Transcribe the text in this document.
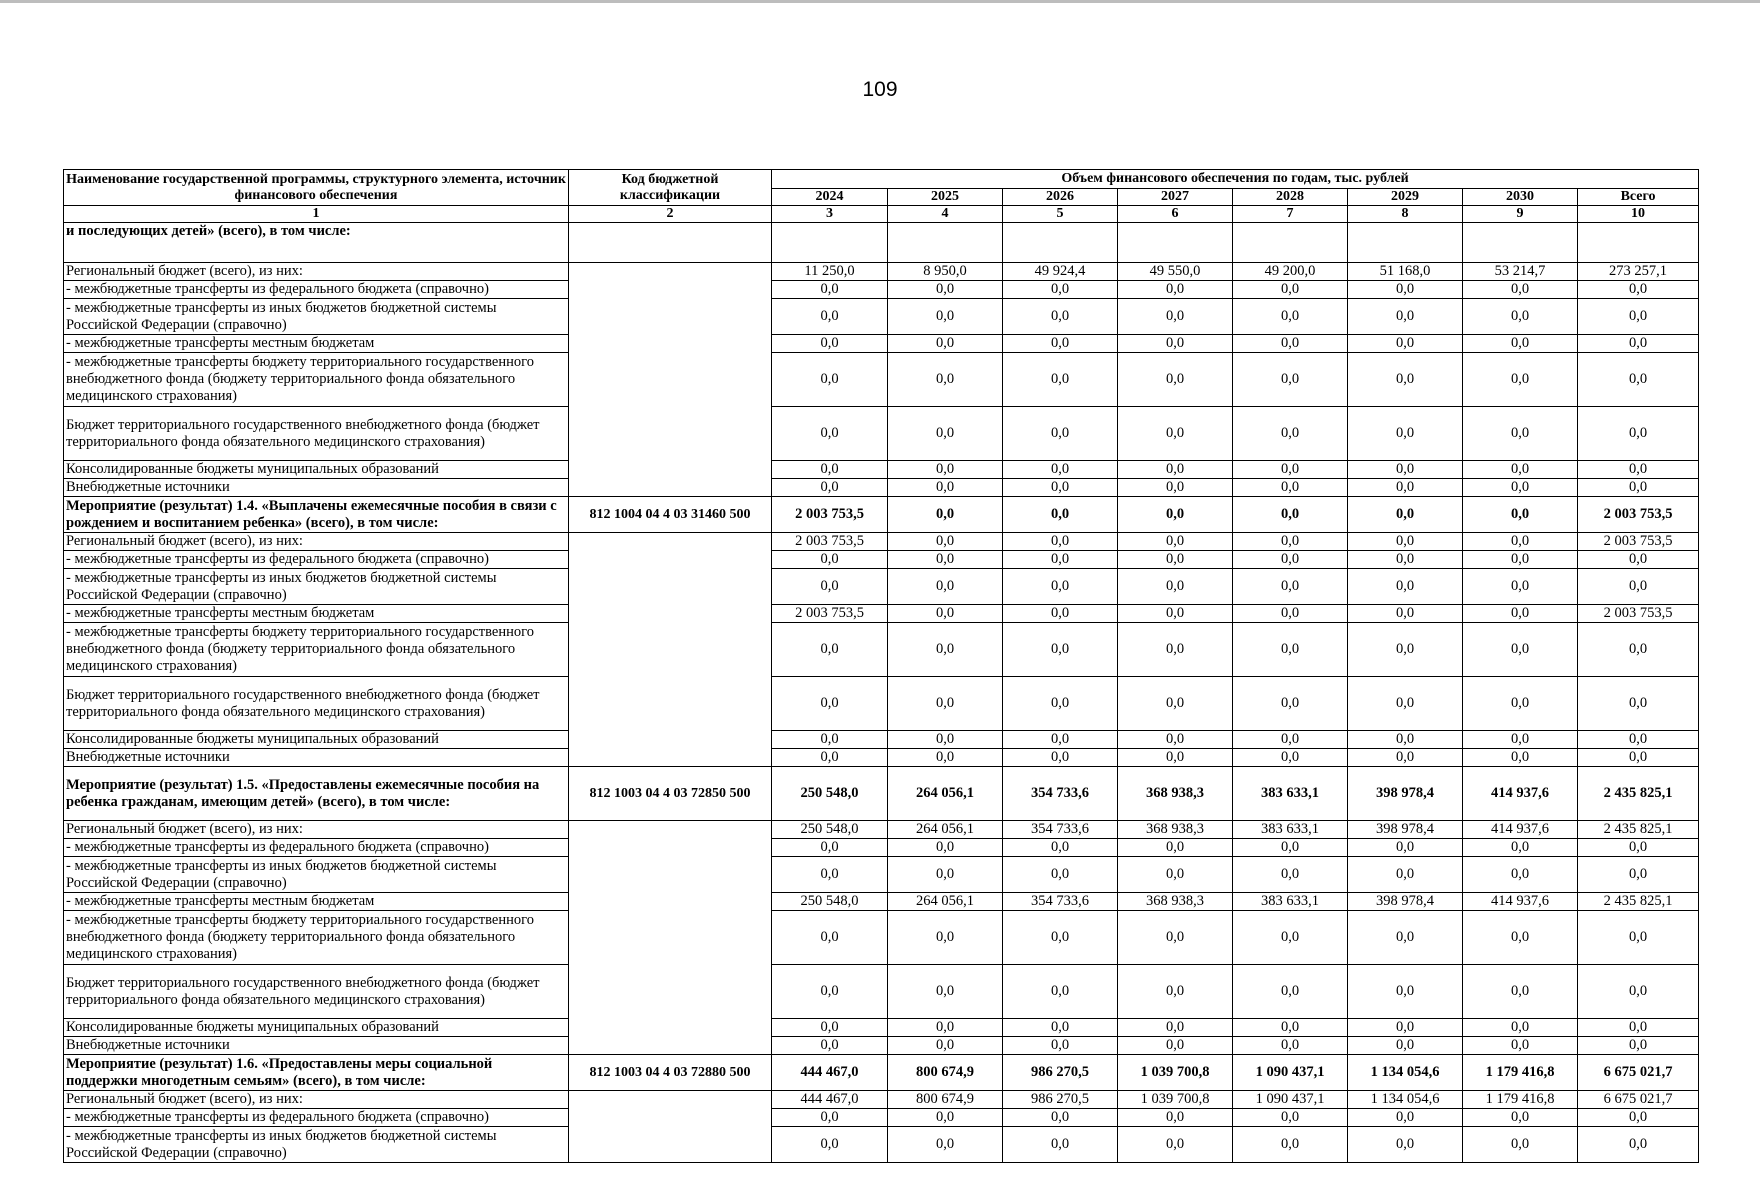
109
Наименование государственной программы, структурного элемента, источник финансового обеспечения	Код бюджетной классификации	Объем финансового обеспечения по годам, тыс. рублей							
		2024	2025	2026	2027	2028	2029	2030	Всего
1	2	3	4	5	6	7	8	9	10
и последующих детей» (всего), в том числе:									
Региональный бюджет (всего), из них:		11 250,0	8 950,0	49 924,4	49 550,0	49 200,0	51 168,0	53 214,7	273 257,1
- межбюджетные трансферты из федерального бюджета (справочно)		0,0	0,0	0,0	0,0	0,0	0,0	0,0	0,0
- межбюджетные трансферты из иных бюджетов бюджетной системы Российской Федерации (справочно)		0,0	0,0	0,0	0,0	0,0	0,0	0,0	0,0
- межбюджетные трансферты местным бюджетам		0,0	0,0	0,0	0,0	0,0	0,0	0,0	0,0
- межбюджетные трансферты бюджету территориального государственного внебюджетного фонда (бюджету территориального фонда обязательного медицинского страхования)		0,0	0,0	0,0	0,0	0,0	0,0	0,0	0,0
Бюджет территориального государственного внебюджетного фонда (бюджет территориального фонда обязательного медицинского страхования)		0,0	0,0	0,0	0,0	0,0	0,0	0,0	0,0
Консолидированные бюджеты муниципальных образований		0,0	0,0	0,0	0,0	0,0	0,0	0,0	0,0
Внебюджетные источники		0,0	0,0	0,0	0,0	0,0	0,0	0,0	0,0
Мероприятие (результат) 1.4. «Выплачены ежемесячные пособия в связи с рождением и воспитанием ребенка» (всего), в том числе:	812 1004 04 4 03 31460 500	2 003 753,5	0,0	0,0	0,0	0,0	0,0	0,0	2 003 753,5
Региональный бюджет (всего), из них:		2 003 753,5	0,0	0,0	0,0	0,0	0,0	0,0	2 003 753,5
- межбюджетные трансферты из федерального бюджета (справочно)		0,0	0,0	0,0	0,0	0,0	0,0	0,0	0,0
- межбюджетные трансферты из иных бюджетов бюджетной системы Российской Федерации (справочно)		0,0	0,0	0,0	0,0	0,0	0,0	0,0	0,0
- межбюджетные трансферты местным бюджетам		2 003 753,5	0,0	0,0	0,0	0,0	0,0	0,0	2 003 753,5
- межбюджетные трансферты бюджету территориального государственного внебюджетного фонда (бюджету территориального фонда обязательного медицинского страхования)		0,0	0,0	0,0	0,0	0,0	0,0	0,0	0,0
Бюджет территориального государственного внебюджетного фонда (бюджет территориального фонда обязательного медицинского страхования)		0,0	0,0	0,0	0,0	0,0	0,0	0,0	0,0
Консолидированные бюджеты муниципальных образований		0,0	0,0	0,0	0,0	0,0	0,0	0,0	0,0
Внебюджетные источники		0,0	0,0	0,0	0,0	0,0	0,0	0,0	0,0
Мероприятие (результат) 1.5. «Предоставлены ежемесячные пособия на ребенка гражданам, имеющим детей» (всего), в том числе:	812 1003 04 4 03 72850 500	250 548,0	264 056,1	354 733,6	368 938,3	383 633,1	398 978,4	414 937,6	2 435 825,1
Региональный бюджет (всего), из них:		250 548,0	264 056,1	354 733,6	368 938,3	383 633,1	398 978,4	414 937,6	2 435 825,1
- межбюджетные трансферты из федерального бюджета (справочно)		0,0	0,0	0,0	0,0	0,0	0,0	0,0	0,0
- межбюджетные трансферты из иных бюджетов бюджетной системы Российской Федерации (справочно)		0,0	0,0	0,0	0,0	0,0	0,0	0,0	0,0
- межбюджетные трансферты местным бюджетам		250 548,0	264 056,1	354 733,6	368 938,3	383 633,1	398 978,4	414 937,6	2 435 825,1
- межбюджетные трансферты бюджету территориального государственного внебюджетного фонда (бюджету территориального фонда обязательного медицинского страхования)		0,0	0,0	0,0	0,0	0,0	0,0	0,0	0,0
Бюджет территориального государственного внебюджетного фонда (бюджет территориального фонда обязательного медицинского страхования)		0,0	0,0	0,0	0,0	0,0	0,0	0,0	0,0
Консолидированные бюджеты муниципальных образований		0,0	0,0	0,0	0,0	0,0	0,0	0,0	0,0
Внебюджетные источники		0,0	0,0	0,0	0,0	0,0	0,0	0,0	0,0
Мероприятие (результат) 1.6. «Предоставлены меры социальной поддержки многодетным семьям» (всего), в том числе:	812 1003 04 4 03 72880 500	444 467,0	800 674,9	986 270,5	1 039 700,8	1 090 437,1	1 134 054,6	1 179 416,8	6 675 021,7
Региональный бюджет (всего), из них:		444 467,0	800 674,9	986 270,5	1 039 700,8	1 090 437,1	1 134 054,6	1 179 416,8	6 675 021,7
- межбюджетные трансферты из федерального бюджета (справочно)		0,0	0,0	0,0	0,0	0,0	0,0	0,0	0,0
- межбюджетные трансферты из иных бюджетов бюджетной системы Российской Федерации (справочно)		0,0	0,0	0,0	0,0	0,0	0,0	0,0	0,0
